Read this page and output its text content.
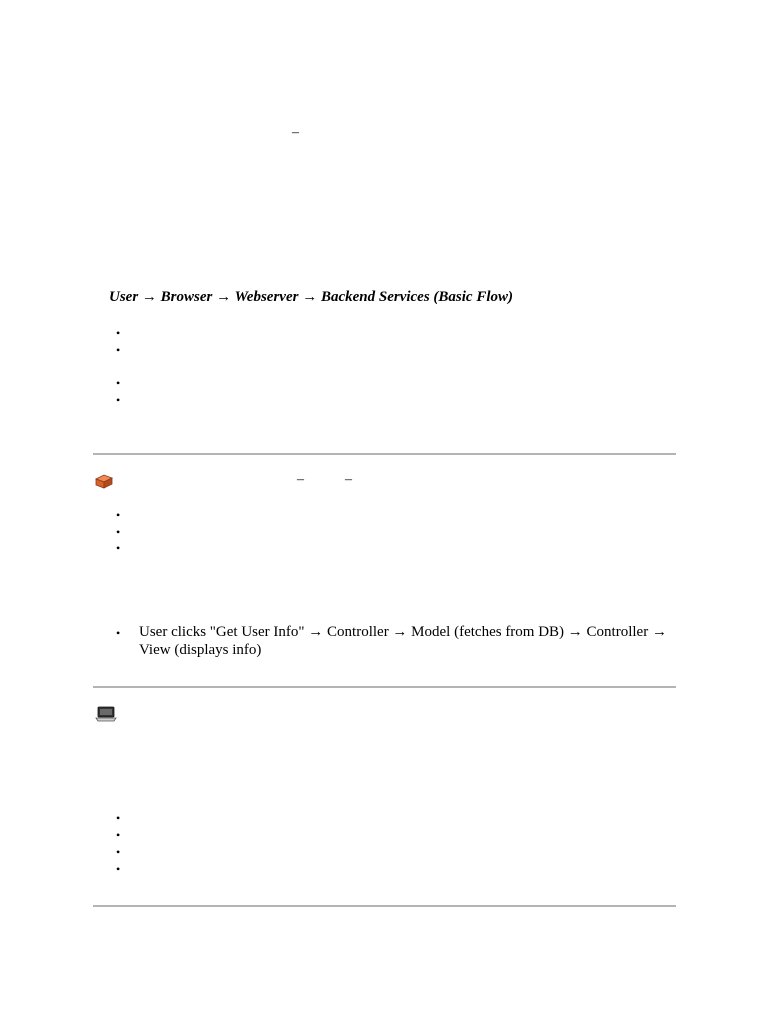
–
User → Browser → Webserver → Backend Services (Basic Flow)
•
•
•
•
–	–
•
•
•
• User clicks "Get User Info" → Controller → Model (fetches from DB) → Controller → View (displays info)
•
•
•
•
